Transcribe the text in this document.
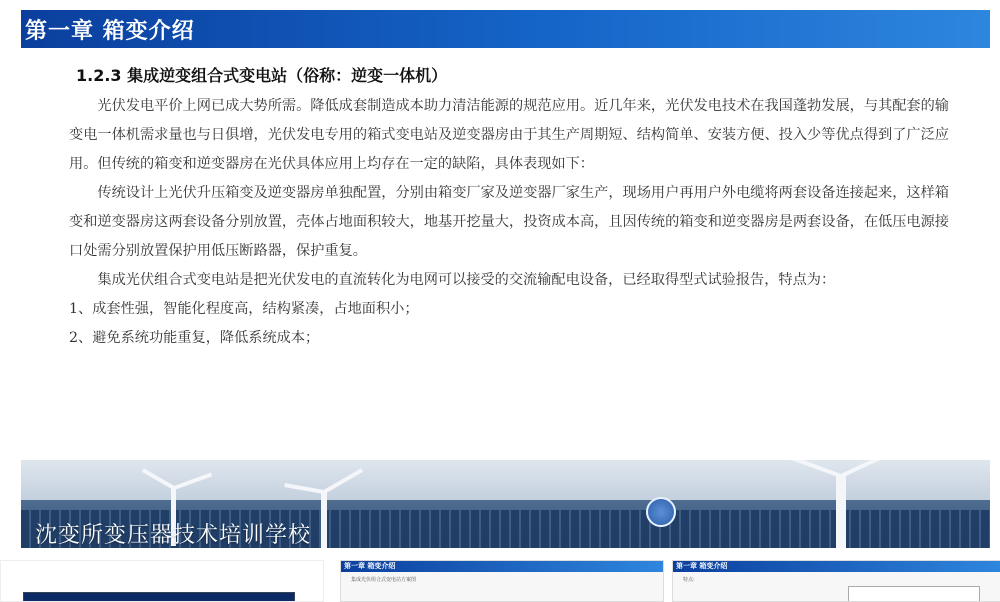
第一章 箱变介绍
1.2.3 集成逆变组合式变电站（俗称：逆变一体机）

光伏发电平价上网已成大势所需。降低成套制造成本助力清洁能源的规范应用。近几年来，光伏发电技术在我国蓬勃发展，与其配套的输变电一体机需求量也与日俱增，光伏发电专用的箱式变电站及逆变器房由于其生产周期短、结构简单、安装方便、投入少等优点得到了广泛应用。但传统的箱变和逆变器房在光伏具体应用上均存在一定的缺陷，具体表现如下：

传统设计上光伏升压箱变及逆变器房单独配置，分别由箱变厂家及逆变器厂家生产，现场用户再用户外电缆将两套设备连接起来，这样箱变和逆变器房这两套设备分别放置，壳体占地面积较大，地基开挖量大，投资成本高，且因传统的箱变和逆变器房是两套设备，在低压电源接口处需分别放置保护用低压断路器，保护重复。

集成光伏组合式变电站是把光伏发电的直流转化为电网可以接受的交流输配电设备，已经取得型式试验报告，特点为：

1、成套性强，智能化程度高，结构紧凑，占地面积小；

2、避免系统功能重复，降低系统成本；

沈变所变压器技术培训学校
第一章 箱变介绍
集成光伏组合式变电站方案图
第一章 箱变介绍
特点:
